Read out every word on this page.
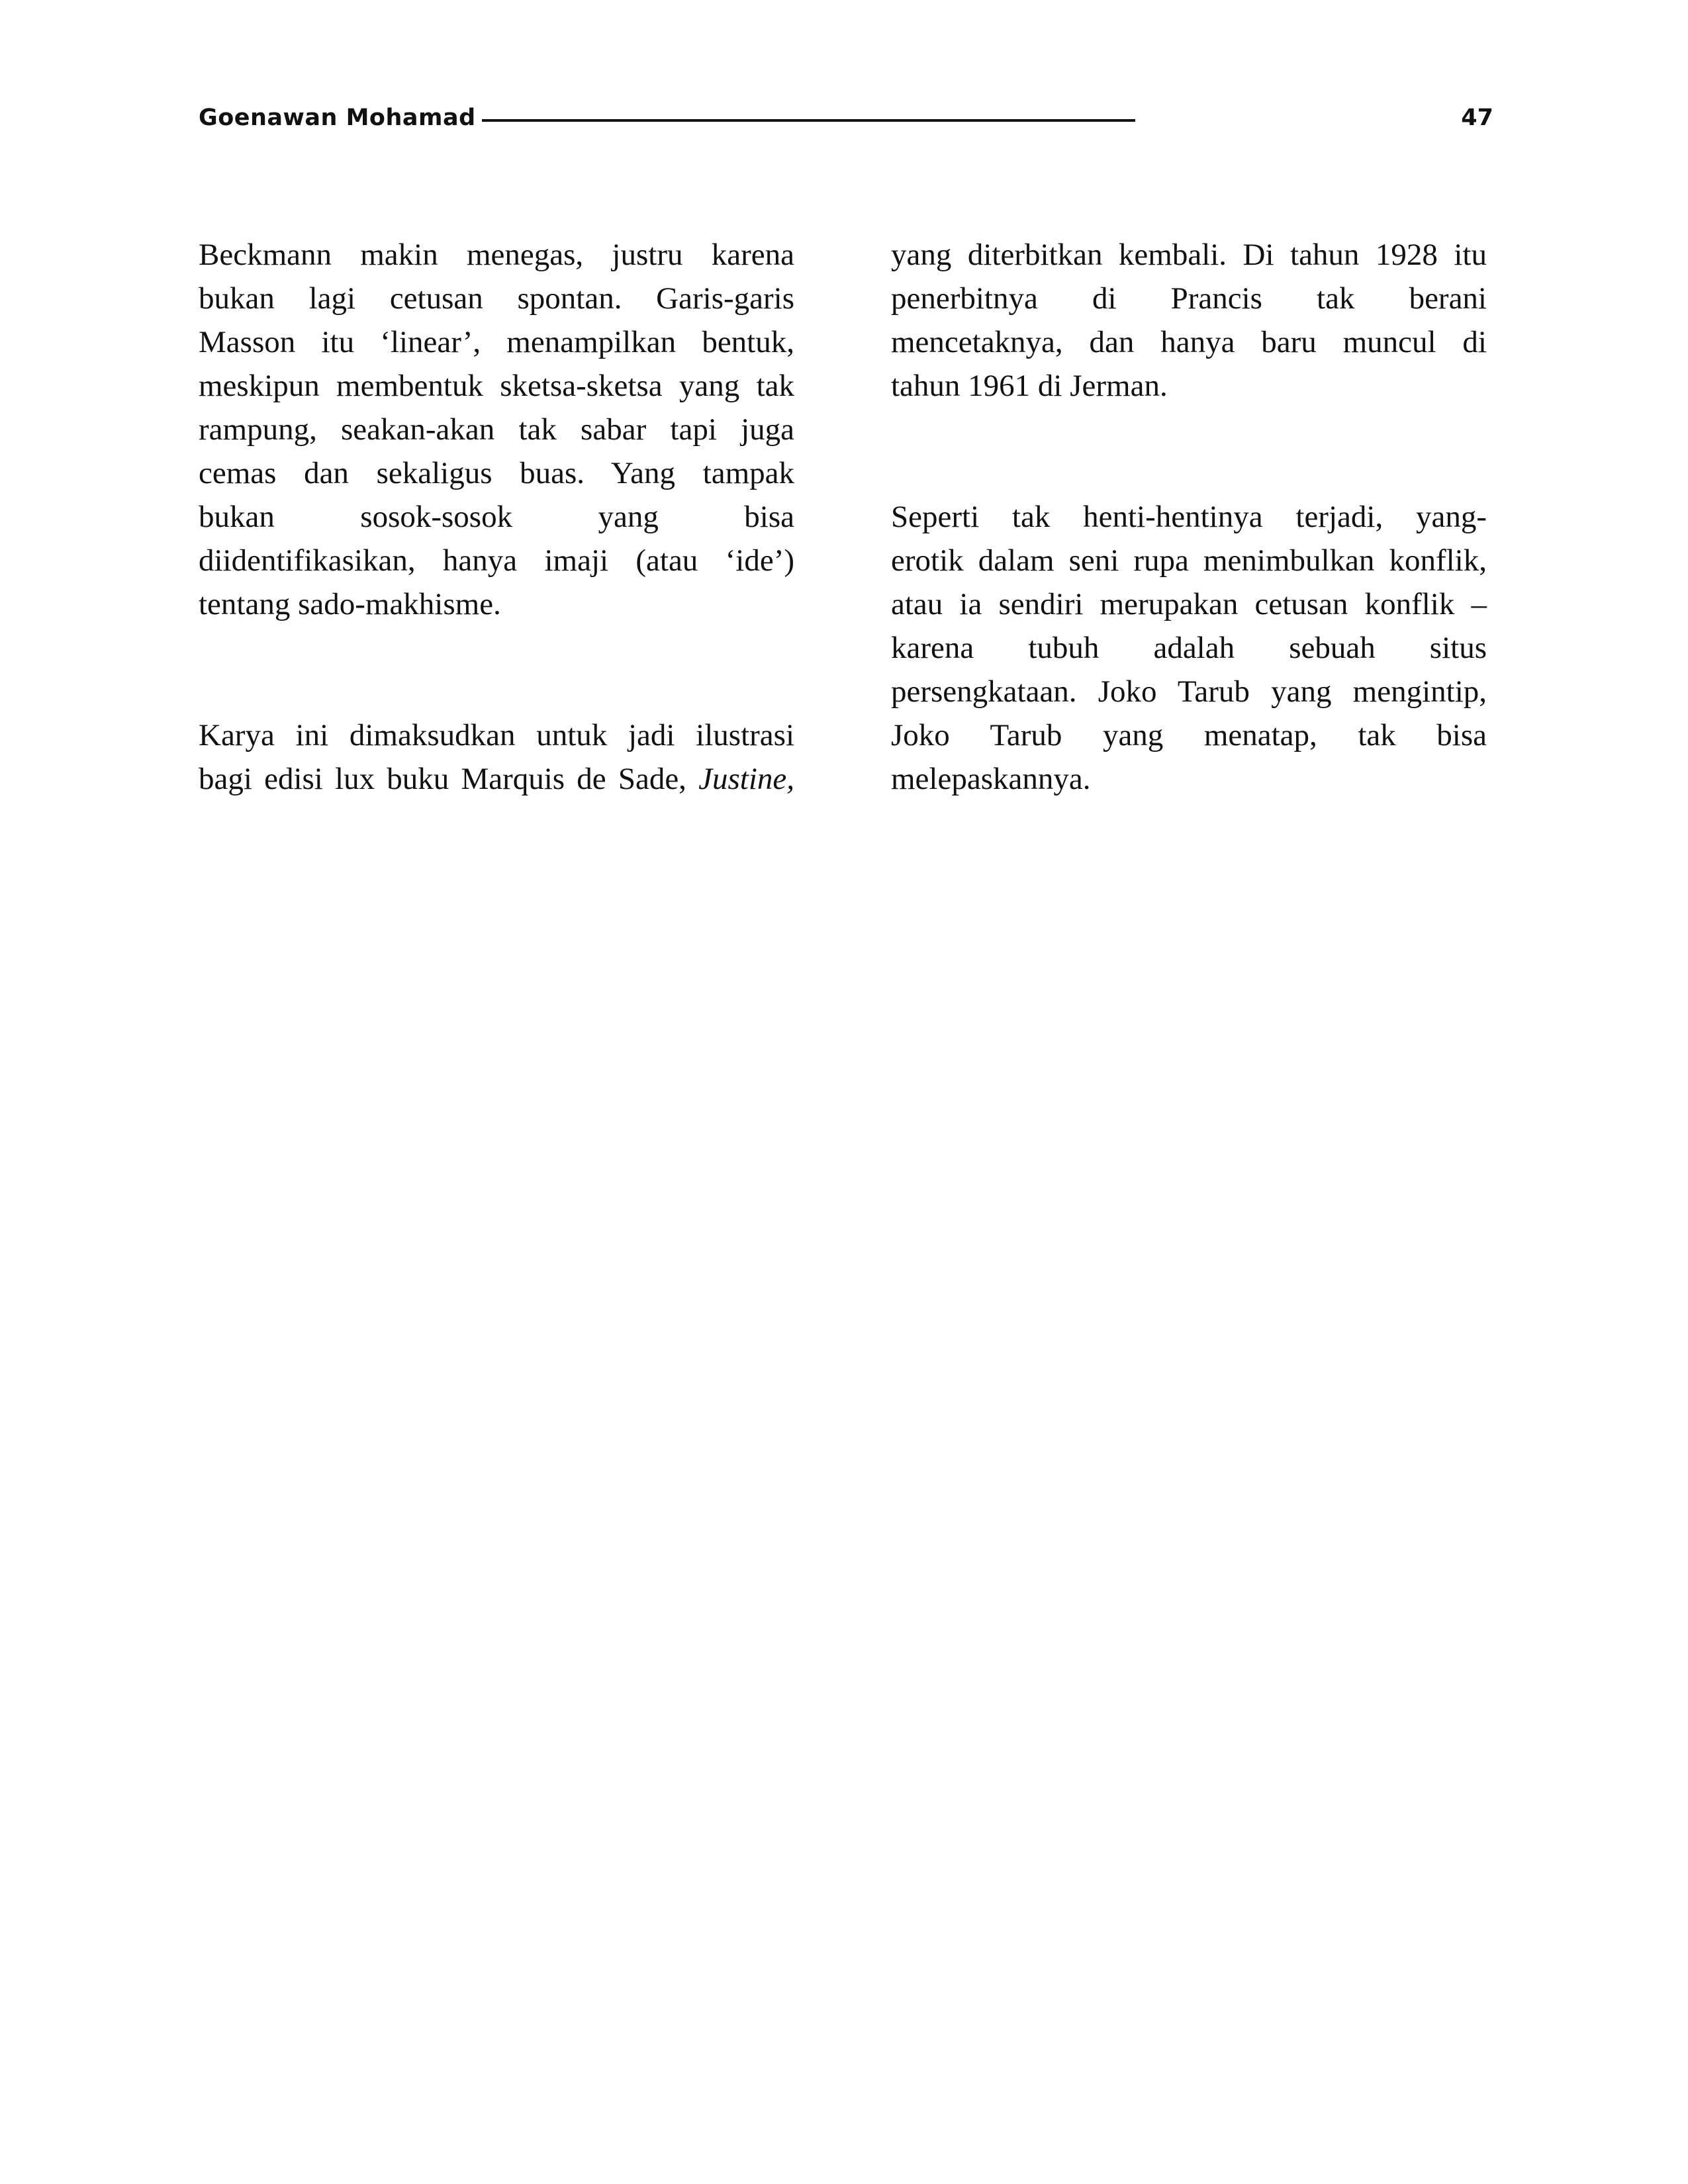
Goenawan Mohamad	47
Beckmann makin menegas, justru karena
bukan lagi cetusan spontan. Garis-garis
Masson itu ‘linear’, menampilkan bentuk,
meskipun membentuk sketsa-sketsa yang tak
rampung, seakan-akan tak sabar tapi juga
cemas dan sekaligus buas. Yang tampak
bukan sosok-sosok yang bisa
diidentifikasikan, hanya imaji (atau ‘ide’)
tentang sado-makhisme.
Karya ini dimaksudkan untuk jadi ilustrasi
bagi edisi lux buku Marquis de Sade, Justine,
yang diterbitkan kembali. Di tahun 1928 itu
penerbitnya di Prancis tak berani
mencetaknya, dan hanya baru muncul di
tahun 1961 di Jerman.
Seperti tak henti-hentinya terjadi, yang-
erotik dalam seni rupa menimbulkan konflik,
atau ia sendiri merupakan cetusan konflik –
karena tubuh adalah sebuah situs
persengkataan. Joko Tarub yang mengintip,
Joko Tarub yang menatap, tak bisa
melepaskannya.
